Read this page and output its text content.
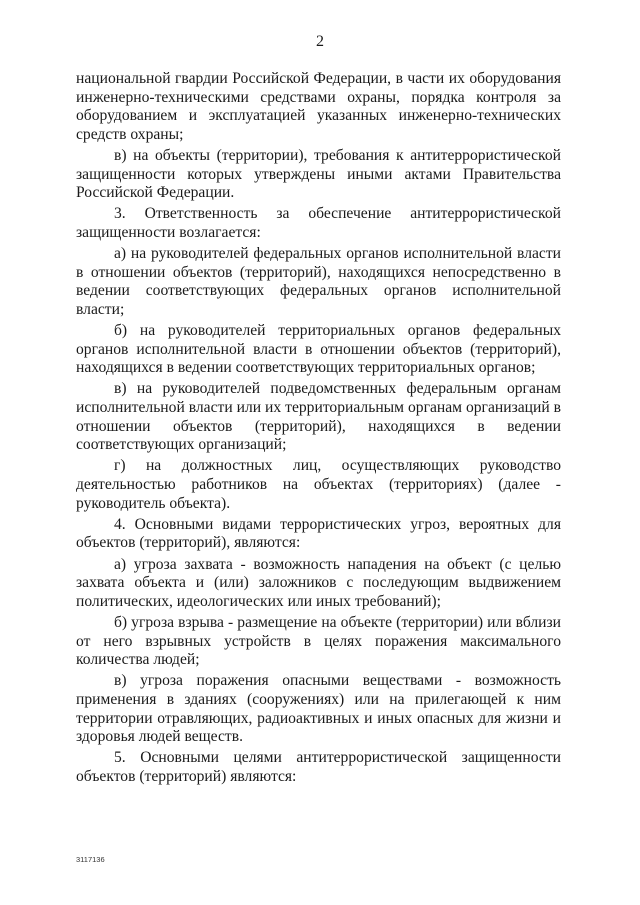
2

национальной гвардии Российской Федерации, в части их оборудования инженерно-техническими средствами охраны, порядка контроля за оборудованием и эксплуатацией указанных инженерно-технических средств охраны;

в) на объекты (территории), требования к антитеррористической защищенности которых утверждены иными актами Правительства Российской Федерации.

3. Ответственность за обеспечение антитеррористической защищенности возлагается:

а) на руководителей федеральных органов исполнительной власти в отношении объектов (территорий), находящихся непосредственно в ведении соответствующих федеральных органов исполнительной власти;

б) на руководителей территориальных органов федеральных органов исполнительной власти в отношении объектов (территорий), находящихся в ведении соответствующих территориальных органов;

в) на руководителей подведомственных федеральным органам исполнительной власти или их территориальным органам организаций в отношении объектов (территорий), находящихся в ведении соответствующих организаций;

г) на должностных лиц, осуществляющих руководство деятельностью работников на объектах (территориях) (далее - руководитель объекта).

4. Основными видами террористических угроз, вероятных для объектов (территорий), являются:

а) угроза захвата - возможность нападения на объект (с целью захвата объекта и (или) заложников с последующим выдвижением политических, идеологических или иных требований);

б) угроза взрыва - размещение на объекте (территории) или вблизи от него взрывных устройств в целях поражения максимального количества людей;

в) угроза поражения опасными веществами - возможность применения в зданиях (сооружениях) или на прилегающей к ним территории отравляющих, радиоактивных и иных опасных для жизни и здоровья людей веществ.

5. Основными целями антитеррористической защищенности объектов (территорий) являются:

3117136
